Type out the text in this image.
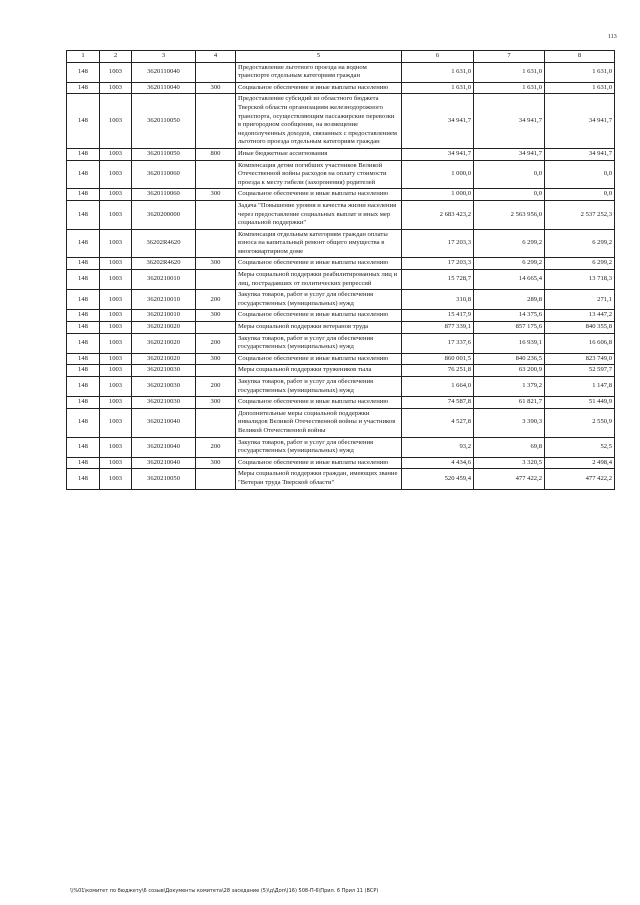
113
1	2	3	4	5	6	7	8
148	1003	3620110040		Предоставление льготного проезда на водном транспорте отдельным категориям граждан	1 631,0	1 631,0	1 631,0
148	1003	3620110040	300	Социальное обеспечение и иные выплаты населению	1 631,0	1 631,0	1 631,0
148	1003	3620110050		Предоставление субсидий из областного бюджета Тверской области организациям железнодорожного транспорта, осуществляющим пассажирские перевозки в пригородном сообщении, на возмещение недополученных доходов, связанных с предоставлением льготного проезда отдельным категориям граждан	34 941,7	34 941,7	34 941,7
148	1003	3620110050	800	Иные бюджетные ассигнования	34 941,7	34 941,7	34 941,7
148	1003	3620110060		Компенсация детям погибших участников Великой Отечественной войны расходов на оплату стоимости проезда к месту гибели (захоронения) родителей	1 000,0	0,0	0,0
148	1003	3620110060	300	Социальное обеспечение и иные выплаты населению	1 000,0	0,0	0,0
148	1003	3620200000		Задача "Повышение уровня и качества жизни населения через предоставление социальных выплат и иных мер социальной поддержки"	2 683 423,2	2 563 956,0	2 537 252,3
148	1003	36202R4620		Компенсация отдельным категориям граждан оплаты взноса на капитальный ремонт общего имущества в многоквартирном доме	17 203,3	6 299,2	6 299,2
148	1003	36202R4620	300	Социальное обеспечение и иные выплаты населению	17 203,3	6 299,2	6 299,2
148	1003	3620210010		Меры социальной поддержки реабилитированных лиц и лиц, пострадавших от политических репрессий	15 728,7	14 665,4	13 718,3
148	1003	3620210010	200	Закупка товаров, работ и услуг для обеспечения государственных (муниципальных) нужд	310,8	289,8	271,1
148	1003	3620210010	300	Социальное обеспечение и иные выплаты населению	15 417,9	14 375,6	13 447,2
148	1003	3620210020		Меры социальной поддержки ветеранов труда	877 339,1	857 175,6	840 355,8
148	1003	3620210020	200	Закупка товаров, работ и услуг для обеспечения государственных (муниципальных) нужд	17 337,6	16 939,1	16 606,8
148	1003	3620210020	300	Социальное обеспечение и иные выплаты населению	860 001,5	840 236,5	823 749,0
148	1003	3620210030		Меры социальной поддержки тружеников тыла	76 251,8	63 200,9	52 597,7
148	1003	3620210030	200	Закупка товаров, работ и услуг для обеспечения государственных (муниципальных) нужд	1 664,0	1 379,2	1 147,8
148	1003	3620210030	300	Социальное обеспечение и иные выплаты населению	74 587,8	61 821,7	51 449,9
148	1003	3620210040		Дополнительные меры социальной поддержки инвалидов Великой Отечественной войны и участников Великой Отечественной войны	4 527,8	3 390,3	2 550,9
148	1003	3620210040	200	Закупка товаров, работ и услуг для обеспечения государственных (муниципальных) нужд	93,2	69,8	52,5
148	1003	3620210040	300	Социальное обеспечение и иные выплаты населению	4 434,6	3 320,5	2 498,4
148	1003	3620210050		Меры социальной поддержки граждан, имеющих звание "Ветеран труда Тверской области"	520 459,4	477 422,2	477 422,2
\\%01\комитет по бюджету\6 созыв\Документы комитета\28 заседание (5)\д\Доп\(16) 508-П-6\Прил. 6 Прил 11 (BCP)
